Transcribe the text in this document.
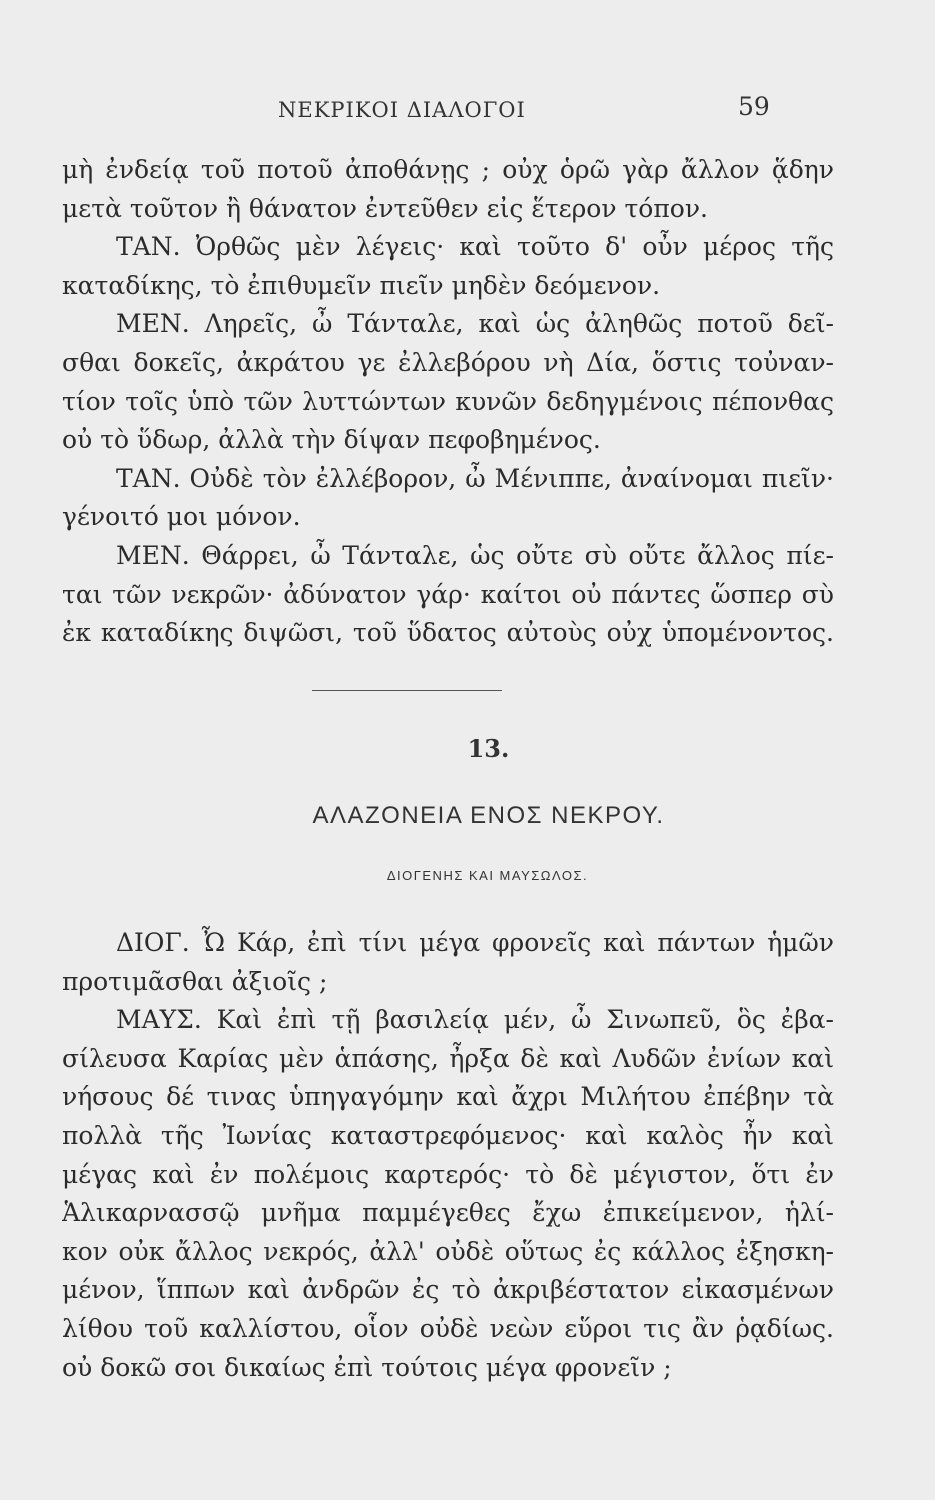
ΝΕΚΡΙΚΟΙ ΔΙΑΛΟΓΟΙ	59
μὴ ἐνδείᾳ τοῦ ποτοῦ ἀποθάνῃς ; οὐχ ὁρῶ γὰρ ἄλλον ᾅδην
μετὰ τοῦτον ἢ θάνατον ἐντεῦθεν εἰς ἕτερον τόπον.
ΤΑΝ. Ὀρθῶς μὲν λέγεις· καὶ τοῦτο δ' οὖν μέρος τῆς
καταδίκης, τὸ ἐπιθυμεῖν πιεῖν μηδὲν δεόμενον.
ΜΕΝ. Ληρεῖς, ὦ Τάνταλε, καὶ ὡς ἀληθῶς ποτοῦ δεῖ-
σθαι δοκεῖς, ἀκράτου γε ἐλλεβόρου νὴ Δία, ὅστις τοὐναν-
τίον τοῖς ὑπὸ τῶν λυττώντων κυνῶν δεδηγμένοις πέπονθας
οὐ τὸ ὕδωρ, ἀλλὰ τὴν δίψαν πεφοβημένος.
ΤΑΝ. Οὐδὲ τὸν ἐλλέβορον, ὦ Μένιππε, ἀναίνομαι πιεῖν·
γένοιτό μοι μόνον.
ΜΕΝ. Θάρρει, ὦ Τάνταλε, ὡς οὔτε σὺ οὔτε ἄλλος πίε-
ται τῶν νεκρῶν· ἀδύνατον γάρ· καίτοι οὐ πάντες ὥσπερ σὺ
ἐκ καταδίκης διψῶσι, τοῦ ὕδατος αὐτοὺς οὐχ ὑπομένοντος.
13.
ΑΛΑΖΟΝΕΙΑ ΕΝΟΣ ΝΕΚΡΟΥ.
ΔΙΟΓΕΝΗΣ ΚΑΙ ΜΑΥΣΩΛΟΣ.
ΔΙΟΓ. Ὦ Κάρ, ἐπὶ τίνι μέγα φρονεῖς καὶ πάντων ἡμῶν
προτιμᾶσθαι ἀξιοῖς ;
ΜΑΥΣ. Καὶ ἐπὶ τῇ βασιλείᾳ μέν, ὦ Σινωπεῦ, ὃς ἐβα-
σίλευσα Καρίας μὲν ἁπάσης, ἦρξα δὲ καὶ Λυδῶν ἐνίων καὶ
νήσους δέ τινας ὑπηγαγόμην καὶ ἄχρι Μιλήτου ἐπέβην τὰ
πολλὰ τῆς Ἰωνίας καταστρεφόμενος· καὶ καλὸς ἦν καὶ
μέγας καὶ ἐν πολέμοις καρτερός· τὸ δὲ μέγιστον, ὅτι ἐν
Ἁλικαρνασσῷ μνῆμα παμμέγεθες ἔχω ἐπικείμενον, ἡλί-
κον οὐκ ἄλλος νεκρός, ἀλλ' οὐδὲ οὕτως ἐς κάλλος ἐξησκη-
μένον, ἵππων καὶ ἀνδρῶν ἐς τὸ ἀκριβέστατον εἰκασμένων
λίθου τοῦ καλλίστου, οἷον οὐδὲ νεὼν εὕροι τις ἂν ῥᾳδίως.
οὐ δοκῶ σοι δικαίως ἐπὶ τούτοις μέγα φρονεῖν ;
